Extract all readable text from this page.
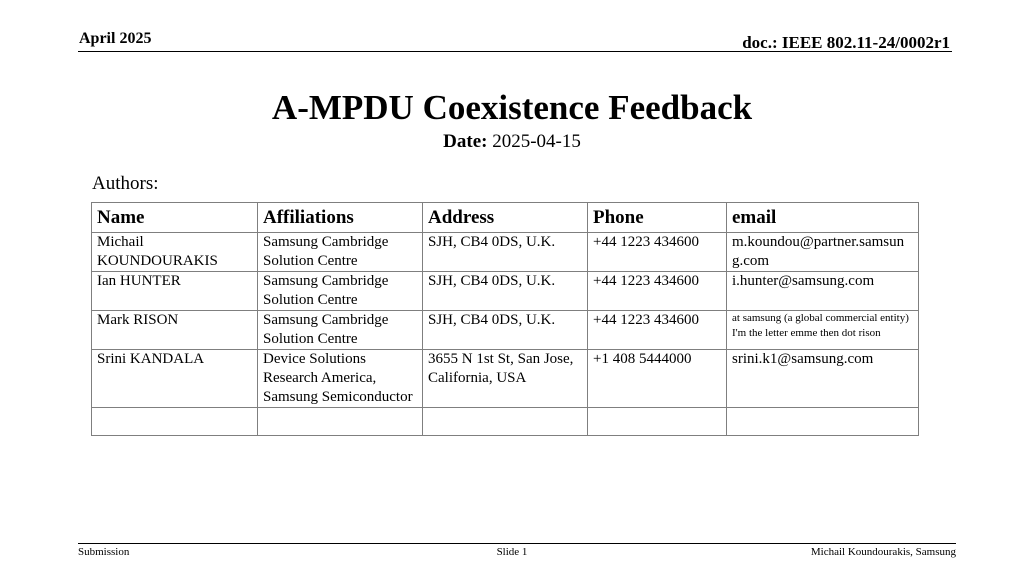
April 2025	doc.: IEEE 802.11-24/0002r1
A-MPDU Coexistence Feedback
Date: 2025-04-15
Authors:
Name	Affiliations	Address	Phone	email
Michail KOUNDOURAKIS	Samsung Cambridge Solution Centre	SJH, CB4 0DS, U.K.	+44 1223 434600	m.koundou@partner.samsung.com
Ian HUNTER	Samsung Cambridge Solution Centre	SJH, CB4 0DS, U.K.	+44 1223 434600	i.hunter@samsung.com
Mark RISON	Samsung Cambridge Solution Centre	SJH, CB4 0DS, U.K.	+44 1223 434600	at samsung (a global commercial entity) I'm the letter emme then dot rison
Srini KANDALA	Device Solutions Research America, Samsung Semiconductor	3655 N 1st St, San Jose, California, USA	+1 408 5444000	srini.k1@samsung.com

Submission	Slide 1	Michail Koundourakis, Samsung
